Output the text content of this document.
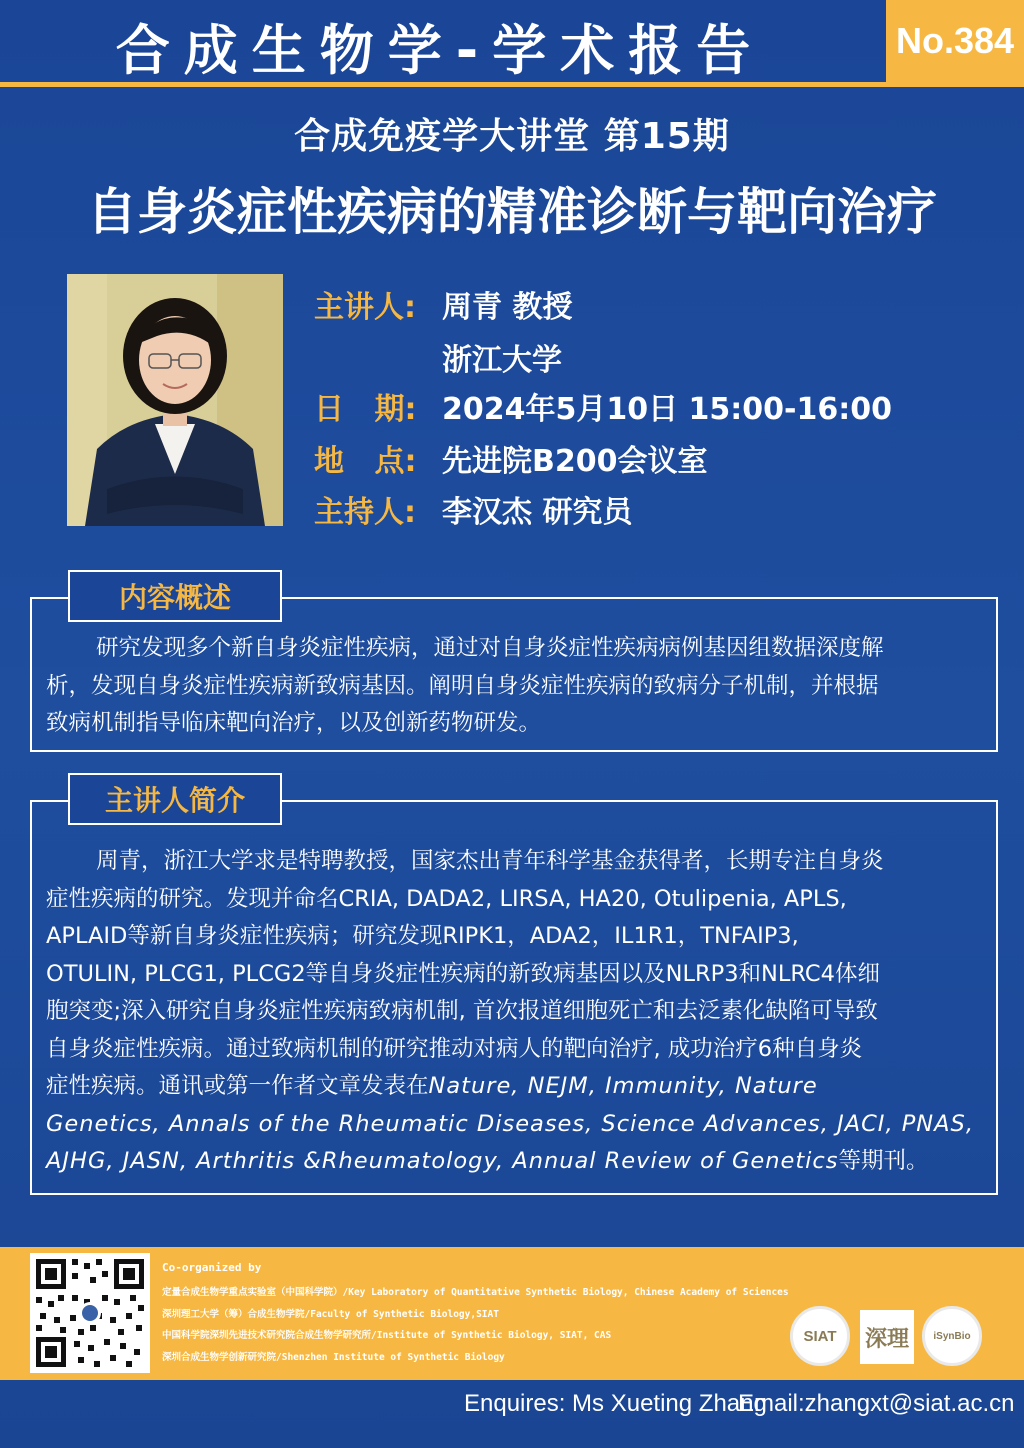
合成生物学-学术报告	No.384
合成免疫学大讲堂 第15期
自身炎症性疾病的精准诊断与靶向治疗
主讲人: 周青 教授
浙江大学
日 期: 2024年5月10日 15:00-16:00
地 点: 先进院B200会议室
主持人: 李汉杰 研究员
内容概述
研究发现多个新自身炎症性疾病，通过对自身炎症性疾病病例基因组数据深度解
析，发现自身炎症性疾病新致病基因。阐明自身炎症性疾病的致病分子机制，并根据
致病机制指导临床靶向治疗，以及创新药物研发。
主讲人简介
周青，浙江大学求是特聘教授，国家杰出青年科学基金获得者，长期专注自身炎
症性疾病的研究。发现并命名CRIA, DADA2, LIRSA, HA20, Otulipenia, APLS,
APLAID等新自身炎症性疾病；研究发现RIPK1，ADA2，IL1R1，TNFAIP3,
OTULIN, PLCG1, PLCG2等自身炎症性疾病的新致病基因以及NLRP3和NLRC4体细
胞突变;深入研究自身炎症性疾病致病机制, 首次报道细胞死亡和去泛素化缺陷可导致
自身炎症性疾病。通过致病机制的研究推动对病人的靶向治疗, 成功治疗6种自身炎
症性疾病。通讯或第一作者文章发表在Nature, NEJM, Immunity, Nature
Genetics, Annals of the Rheumatic Diseases, Science Advances, JACI, PNAS,
AJHG, JASN, Arthritis &Rheumatology, Annual Review of Genetics等期刊。
Co-organized by
定量合成生物学重点实验室（中国科学院）/Key Laboratory of Quantitative Synthetic Biology, Chinese Academy of Sciences
深圳理工大学（筹）合成生物学院/Faculty of Synthetic Biology,SIAT
中国科学院深圳先进技术研究院合成生物学研究所/Institute of Synthetic Biology, SIAT, CAS
深圳合成生物学创新研究院/Shenzhen Institute of Synthetic Biology
SIAT 深理 iSynBio
Enquires: Ms Xueting Zhang
Email:zhangxt@siat.ac.cn
